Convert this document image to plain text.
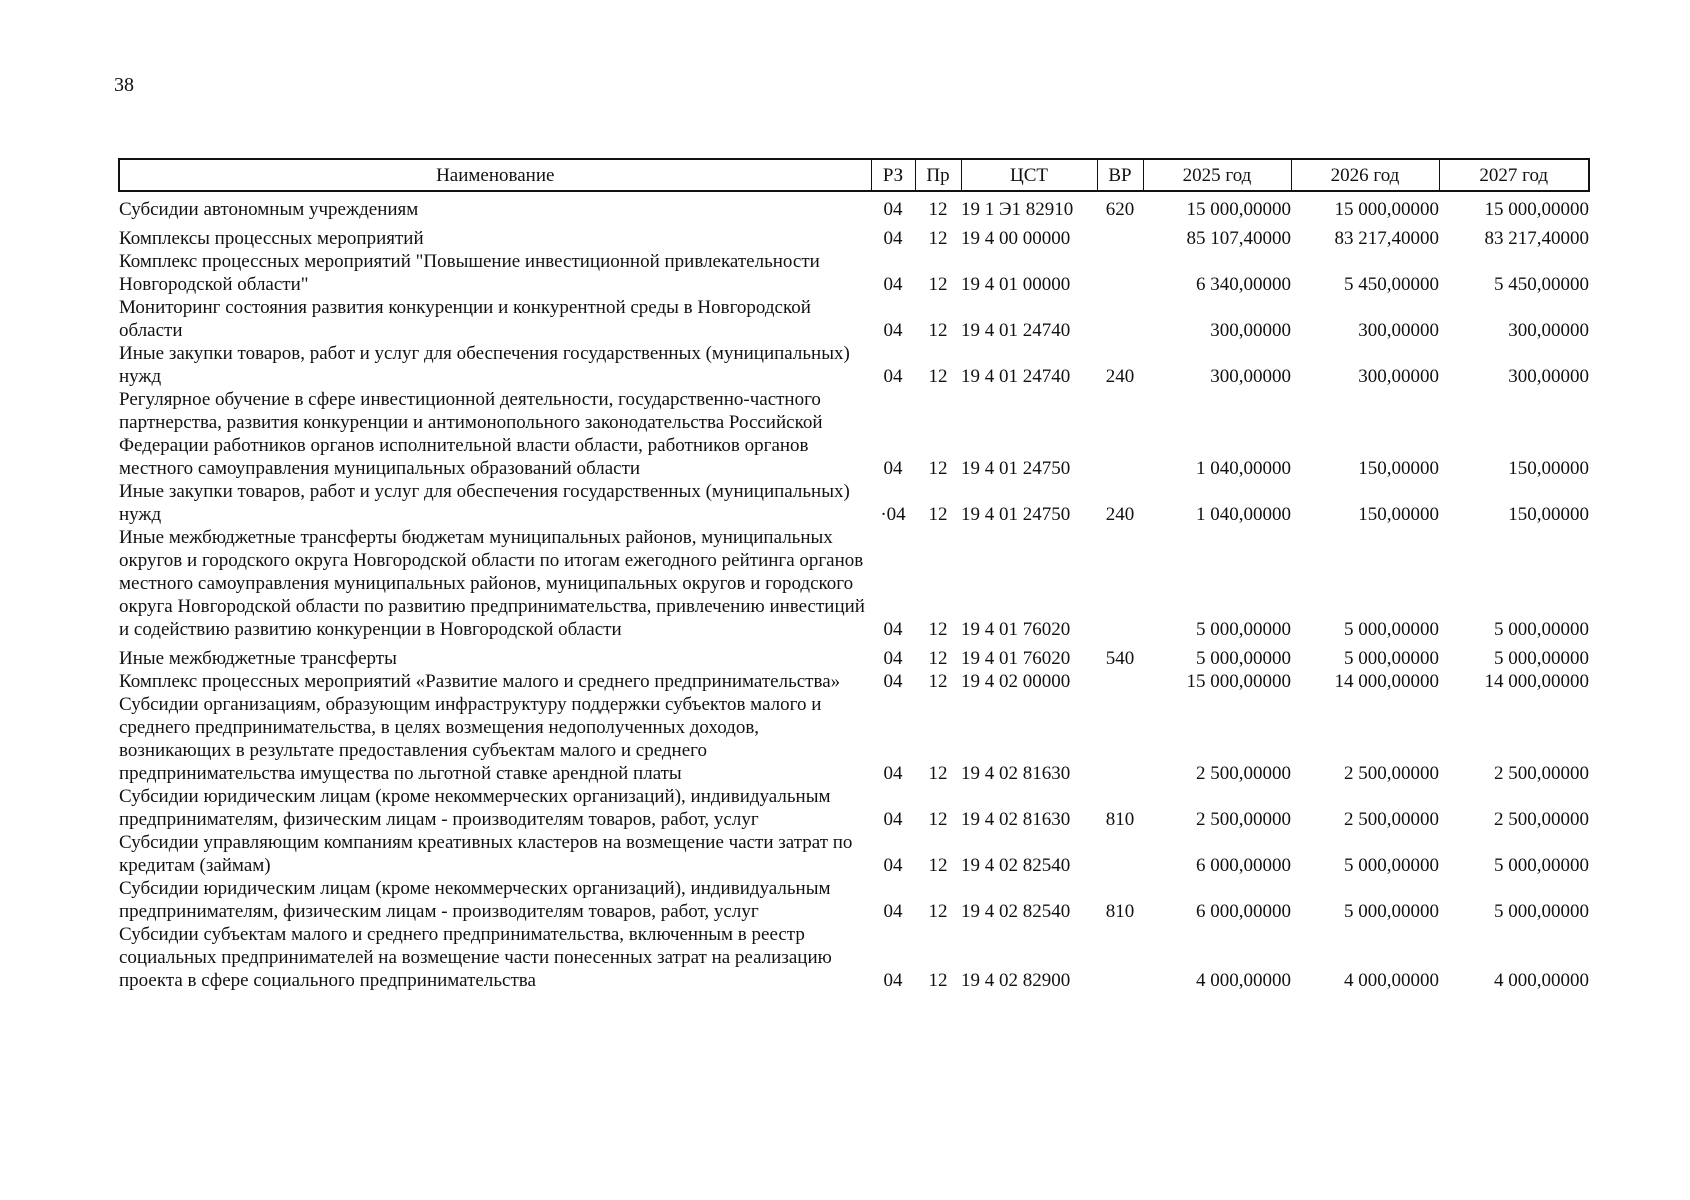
38
Наименование	РЗ	Пр	ЦСТ	ВР	2025 год	2026 год	2027 год
Субсидии автономным учреждениям	04	12	19 1 Э1 82910	620	15 000,00000	15 000,00000	15 000,00000
Комплексы процессных мероприятий	04	12	19 4 00 00000		85 107,40000	83 217,40000	83 217,40000
Комплекс процессных мероприятий "Повышение инвестиционной привлекательности Новгородской области"	04	12	19 4 01 00000		6 340,00000	5 450,00000	5 450,00000
Мониторинг состояния развития конкуренции и конкурентной среды в Новгородской области	04	12	19 4 01 24740		300,00000	300,00000	300,00000
Иные закупки товаров, работ и услуг для обеспечения государственных (муниципальных) нужд	04	12	19 4 01 24740	240	300,00000	300,00000	300,00000
Регулярное обучение в сфере инвестиционной деятельности, государственно-частного партнерства, развития конкуренции и антимонопольного законодательства Российской Федерации работников органов исполнительной власти области, работников органов местного самоуправления муниципальных образований области	04	12	19 4 01 24750		1 040,00000	150,00000	150,00000
Иные закупки товаров, работ и услуг для обеспечения государственных (муниципальных) нужд	·04	12	19 4 01 24750	240	1 040,00000	150,00000	150,00000
Иные межбюджетные трансферты бюджетам муниципальных районов, муниципальных округов и городского округа Новгородской области по итогам ежегодного рейтинга органов местного самоуправления муниципальных районов, муниципальных округов и городского округа Новгородской области по развитию предпринимательства, привлечению инвестиций и содействию развитию конкуренции в Новгородской области	04	12	19 4 01 76020		5 000,00000	5 000,00000	5 000,00000
Иные межбюджетные трансферты	04	12	19 4 01 76020	540	5 000,00000	5 000,00000	5 000,00000
Комплекс процессных мероприятий «Развитие малого и среднего предпринимательства»	04	12	19 4 02 00000		15 000,00000	14 000,00000	14 000,00000
Субсидии организациям, образующим инфраструктуру поддержки субъектов малого и среднего предпринимательства, в целях возмещения недополученных доходов, возникающих в результате предоставления субъектам малого и среднего предпринимательства имущества по льготной ставке арендной платы	04	12	19 4 02 81630		2 500,00000	2 500,00000	2 500,00000
Субсидии юридическим лицам (кроме некоммерческих организаций), индивидуальным предпринимателям, физическим лицам - производителям товаров, работ, услуг	04	12	19 4 02 81630	810	2 500,00000	2 500,00000	2 500,00000
Субсидии управляющим компаниям креативных кластеров на возмещение части затрат по кредитам (займам)	04	12	19 4 02 82540		6 000,00000	5 000,00000	5 000,00000
Субсидии юридическим лицам (кроме некоммерческих организаций), индивидуальным предпринимателям, физическим лицам - производителям товаров, работ, услуг	04	12	19 4 02 82540	810	6 000,00000	5 000,00000	5 000,00000
Субсидии субъектам малого и среднего предпринимательства, включенным в реестр социальных предпринимателей на возмещение части понесенных затрат на реализацию проекта в сфере социального предпринимательства	04	12	19 4 02 82900		4 000,00000	4 000,00000	4 000,00000
